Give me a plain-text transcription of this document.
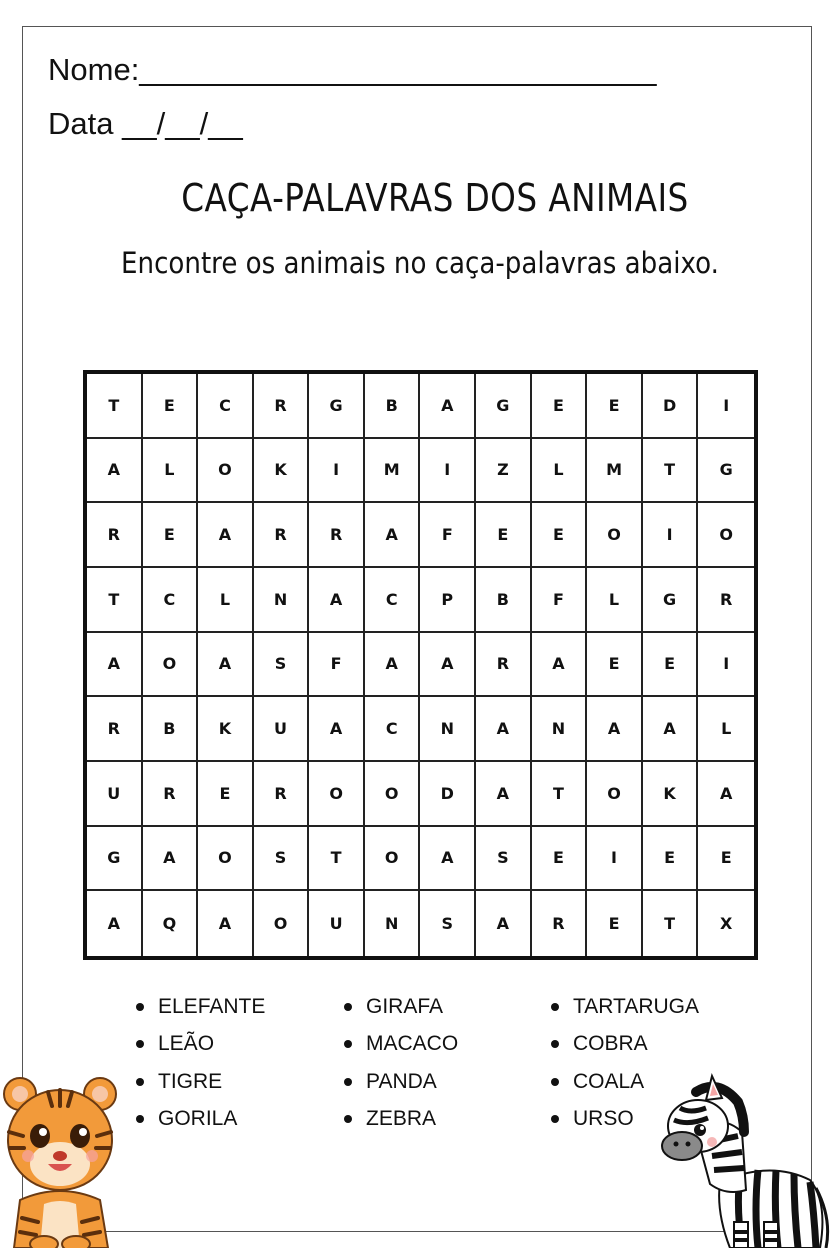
Nome:______________________________
Data __/__/__
CAÇA-PALAVRAS DOS ANIMAIS
Encontre os animais no caça-palavras abaixo.
T	E	C	R	G	B	A	G	E	E	D	I
A	L	O	K	I	M	I	Z	L	M	T	G
R	E	A	R	R	A	F	E	E	O	I	O
T	C	L	N	A	C	P	B	F	L	G	R
A	O	A	S	F	A	A	R	A	E	E	I
R	B	K	U	A	C	N	A	N	A	A	L
U	R	E	R	O	O	D	A	T	O	K	A
G	A	O	S	T	O	A	S	E	I	E	E
A	Q	A	O	U	N	S	A	R	E	T	X
ELEFANTE
LEÃO
TIGRE
GORILA
GIRAFA
MACACO
PANDA
ZEBRA
TARTARUGA
COBRA
COALA
URSO
